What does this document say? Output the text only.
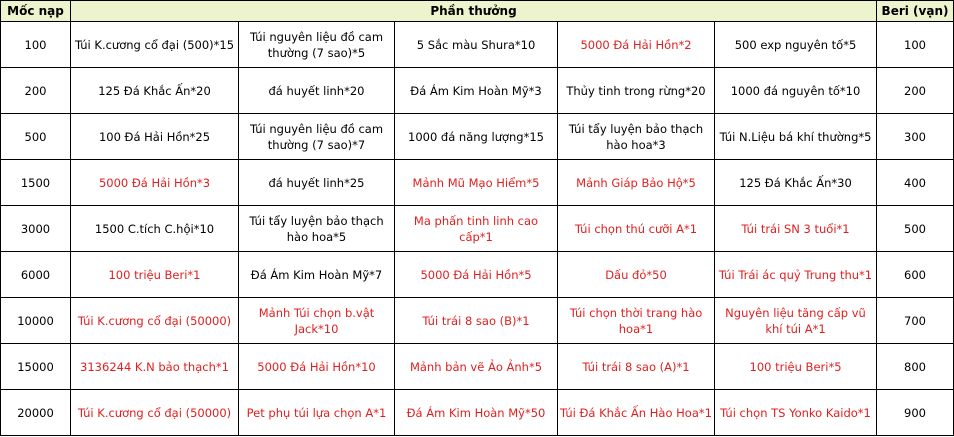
Mốc nạp	Phần thưởng					Beri (vạn)
100	Túi K.cương cổ đại (500)*15	Túi nguyên liệu đồ cam thường (7 sao)*5	5 Sắc màu Shura*10	5000 Đá Hải Hồn*2	500 exp nguyên tố*5	100
200	125 Đá Khắc Ấn*20	đá huyết linh*20	Đá Ám Kim Hoàn Mỹ*3	Thủy tinh trong rừng*20	1000 đá nguyên tố*10	200
500	100 Đá Hải Hồn*25	Túi nguyên liệu đồ cam thường (7 sao)*7	1000 đá năng lượng*15	Túi tẩy luyện bảo thạch hào hoa*3	Túi N.Liệu bá khí thường*5	300
1500	5000 Đá Hải Hồn*3	đá huyết linh*25	Mảnh Mũ Mạo Hiểm*5	Mảnh Giáp Bảo Hộ*5	125 Đá Khắc Ấn*30	400
3000	1500 C.tích C.hội*10	Túi tẩy luyện bảo thạch hào hoa*5	Ma phấn tinh linh cao cấp*1	Túi chọn thú cưỡi A*1	Túi trái SN 3 tuổi*1	500
6000	100 triệu Beri*1	Đá Ám Kim Hoàn Mỹ*7	5000 Đá Hải Hồn*5	Dấu đỏ*50	Túi Trái ác quỷ Trung thu*1	600
10000	Túi K.cương cổ đại (50000)	Mảnh Túi chọn b.vật Jack*10	Túi trái 8 sao (B)*1	Túi chọn thời trang hào hoa*1	Nguyên liệu tăng cấp vũ khí túi A*1	700
15000	3136244 K.N bảo thạch*1	5000 Đá Hải Hồn*10	Mảnh bản vẽ Ảo Ảnh*5	Túi trái 8 sao (A)*1	100 triệu Beri*5	800
20000	Túi K.cương cổ đại (50000)	Pet phụ túi lựa chọn A*1	Đá Ám Kim Hoàn Mỹ*50	Túi Đá Khắc Ấn Hào Hoa*1	Túi chọn TS Yonko Kaido*1	900
